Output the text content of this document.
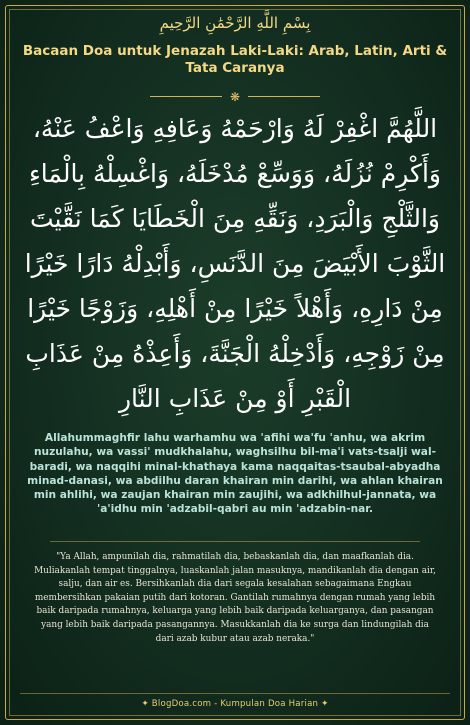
بِسْمِ اللَّهِ الرَّحْمَٰنِ الرَّحِيمِ
Bacaan Doa untuk Jenazah Laki-Laki: Arab, Latin, Arti & Tata Caranya
❋
اللَّهُمَّ اغْفِرْ لَهُ وَارْحَمْهُ وَعَافِهِ وَاعْفُ عَنْهُ، وَأَكْرِمْ نُزُلَهُ، وَوَسِّعْ مُدْخَلَهُ، وَاغْسِلْهُ بِالْمَاءِ وَالثَّلْجِ وَالْبَرَدِ، وَنَقِّهِ مِنَ الْخَطَايَا كَمَا نَقَّيْتَ الثَّوْبَ الأَبْيَضَ مِنَ الدَّنَسِ، وَأَبْدِلْهُ دَارًا خَيْرًا مِنْ دَارِهِ، وَأَهْلاً خَيْرًا مِنْ أَهْلِهِ، وَزَوْجًا خَيْرًا مِنْ زَوْجِهِ، وَأَدْخِلْهُ الْجَنَّةَ، وَأَعِذْهُ مِنْ عَذَابِ الْقَبْرِ أَوْ مِنْ عَذَابِ النَّارِ
Allahummaghfir lahu warhamhu wa 'afihi wa'fu 'anhu, wa akrim nuzulahu, wa vassi' mudkhalahu, waghsilhu bil-ma'i vats-tsalji wal-baradi, wa naqqihi minal-khathaya kama naqqaitas-tsaubal-abyadha minad-danasi, wa abdilhu daran khairan min darihi, wa ahlan khairan min ahlihi, wa zaujan khairan min zaujihi, wa adkhilhul-jannata, wa 'a'idhu min 'adzabil-qabri au min 'adzabin-nar.
"Ya Allah, ampunilah dia, rahmatilah dia, bebaskanlah dia, dan maafkanlah dia. Muliakanlah tempat tinggalnya, luaskanlah jalan masuknya, mandikanlah dia dengan air, salju, dan air es. Bersihkanlah dia dari segala kesalahan sebagaimana Engkau membersihkan pakaian putih dari kotoran. Gantilah rumahnya dengan rumah yang lebih baik daripada rumahnya, keluarga yang lebih baik daripada keluarganya, dan pasangan yang lebih baik daripada pasangannya. Masukkanlah dia ke surga dan lindungilah dia dari azab kubur atau azab neraka."
✦ BlogDoa.com - Kumpulan Doa Harian ✦
